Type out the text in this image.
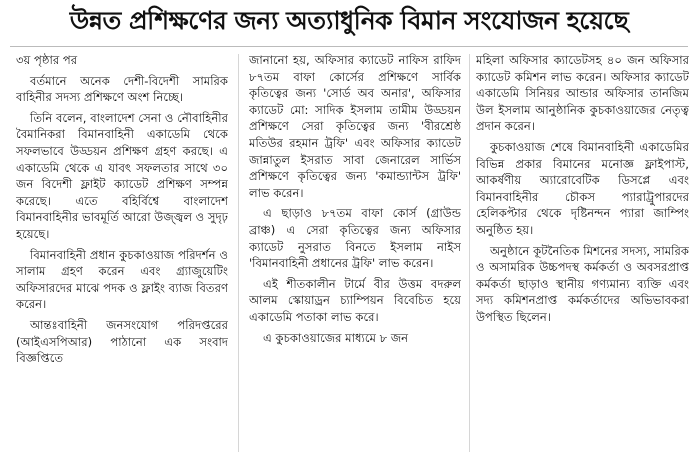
উন্নত প্রশিক্ষণের জন্য অত্যাধুনিক বিমান সংযোজন হয়েছে

৩য় পৃষ্ঠার পর

বর্তমানে অনেক দেশী-বিদেশী সামরিক বাহিনীর সদস্য প্রশিক্ষণে অংশ নিচ্ছে।

তিনি বলেন, বাংলাদেশ সেনা ও নৌবাহিনীর বৈমানিকরা বিমানবাহিনী একাডেমি থেকে সফলভাবে উড্ডয়ন প্রশিক্ষণ গ্রহণ করছে। এ একাডেমি থেকে এ যাবৎ সফলতার সাথে ৩০ জন বিদেশী ফ্লাইট ক্যাডেট প্রশিক্ষণ সম্পন্ন করেছে। এতে বহির্বিশ্বে বাংলাদেশ বিমানবাহিনীর ভাবমূর্তি আরো উজ্জ্বল ও সুদৃঢ় হয়েছে।

বিমানবাহিনী প্রধান কুচকাওয়াজ পরিদর্শন ও সালাম গ্রহণ করেন এবং গ্র্যাজুয়েটিং অফিসারদের মাঝে পদক ও ফ্লাইং ব্যাজ বিতরণ করেন।

আন্তঃবাহিনী জনসংযোগ পরিদপ্তরের (আইএসপিআর) পাঠানো এক সংবাদ বিজ্ঞপ্তিতে

জানানো হয়, অফিসার ক্যাডেট নাফিস রাফিদ ৮৭তম বাফা কোর্সের প্রশিক্ষণে সার্বিক কৃতিত্বের জন্য 'সোর্ড অব অনার', অফিসার ক্যাডেট মো: সাদিক ইসলাম তামীম উড্ডয়ন প্রশিক্ষণে সেরা কৃতিত্বের জন্য 'বীরশ্রেষ্ঠ মতিউর রহমান ট্রফি' এবং অফিসার ক্যাডেট জান্নাতুল ইসরাত সাবা জেনারেল সার্ভিস প্রশিক্ষণে কৃতিত্বের জন্য 'কমান্ড্যান্টস ট্রফি' লাভ করেন।

এ ছাড়াও ৮৭তম বাফা কোর্স (গ্রাউন্ড ব্রাঞ্চ) এ সেরা কৃতিত্বের জন্য অফিসার ক্যাডেট নুসরাত বিনতে ইসলাম নাইস 'বিমানবাহিনী প্রধানের ট্রফি' লাভ করেন।

এই শীতকালীন টার্মে বীর উত্তম বদরুল আলম স্কোয়াড্রন চ্যাম্পিয়ন বিবেচিত হয়ে একাডেমি পতাকা লাভ করে।

এ কুচকাওয়াজের মাধ্যমে ৮ জন

মহিলা অফিসার ক্যাডেটসহ ৪০ জন অফিসার ক্যাডেট কমিশন লাভ করেন। অফিসার ক্যাডেট একাডেমি সিনিয়র আন্ডার অফিসার তানজিম উল ইসলাম আনুষ্ঠানিক কুচকাওয়াজের নেতৃত্ব প্রদান করেন।

কুচকাওয়াজ শেষে বিমানবাহিনী একাডেমির বিভিন্ন প্রকার বিমানের মনোজ্ঞ ফ্লাইপাস্ট, আকর্ষণীয় অ্যারোবেটিক ডিসপ্লে এবং বিমানবাহিনীর চৌকস প্যারাট্রুপারদের হেলিকপ্টার থেকে দৃষ্টিনন্দন প্যারা জাম্পিং অনুষ্ঠিত হয়।

অনুষ্ঠানে কূটনৈতিক মিশনের সদস্য, সামরিক ও অসামরিক উচ্চপদস্থ কর্মকর্তা ও অবসরপ্রাপ্ত কর্মকর্তা ছাড়াও স্থানীয় গণ্যমান্য ব্যক্তি এবং সদ্য কমিশনপ্রাপ্ত কর্মকর্তাদের অভিভাবকরা উপস্থিত ছিলেন।
